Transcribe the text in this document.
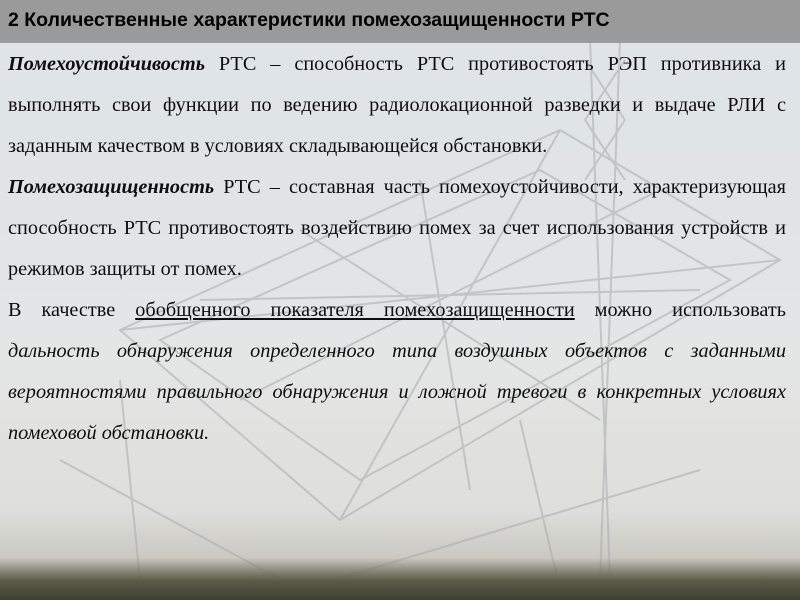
2 Количественные характеристики помехозащищенности РТС

Помехоустойчивость РТС – способность РТС противостоять РЭП противника и выполнять свои функции по ведению радиолокационной разведки и выдаче РЛИ с заданным качеством в условиях складывающейся обстановки.

Помехозащищенность РТС – составная часть помехоустойчивости, характеризующая способность РТС противостоять воздействию помех за счет использования устройств и режимов защиты от помех.

В качестве обобщенного показателя помехозащищенности можно использовать дальность обнаружения определенного типа воздушных объектов с заданными вероятностями правильного обнаружения и ложной тревоги в конкретных условиях помеховой обстановки.
